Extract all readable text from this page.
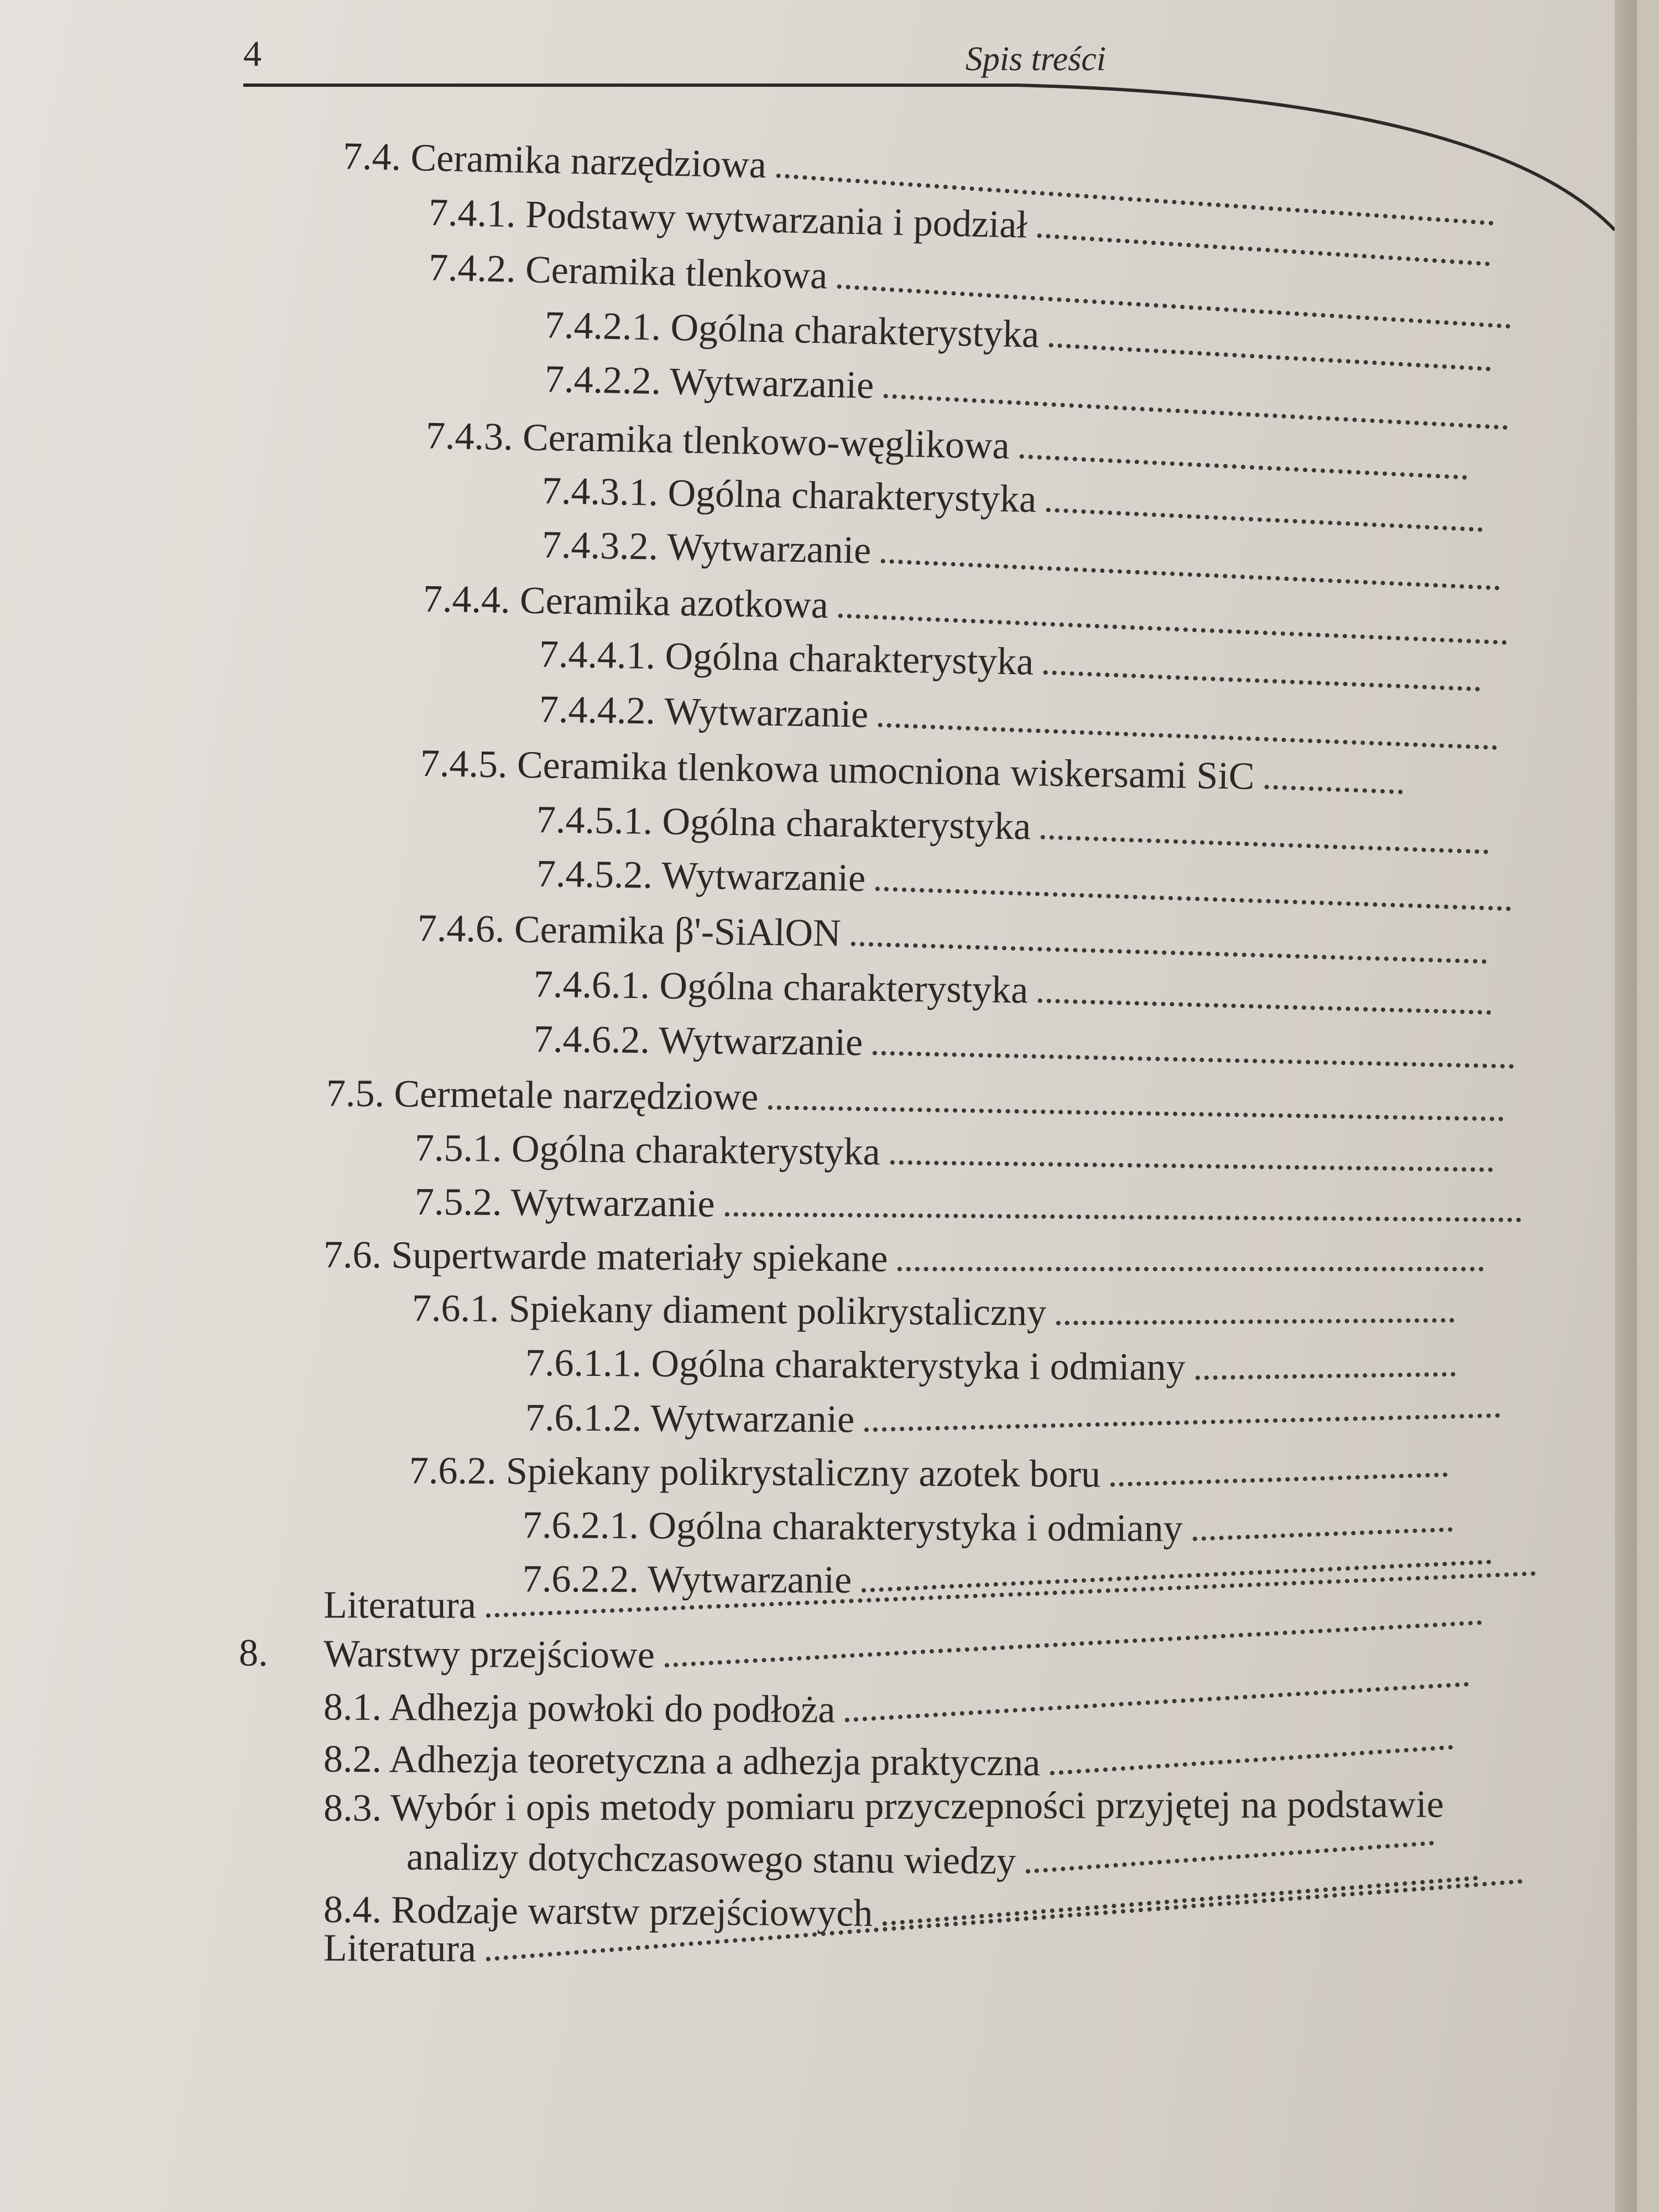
4	Spis treści
7.4. Ceramika narzędziowa
7.4.1. Podstawy wytwarzania i podział
7.4.2. Ceramika tlenkowa
7.4.2.1. Ogólna charakterystyka
7.4.2.2. Wytwarzanie
7.4.3. Ceramika tlenkowo-węglikowa
7.4.3.1. Ogólna charakterystyka
7.4.3.2. Wytwarzanie
7.4.4. Ceramika azotkowa
7.4.4.1. Ogólna charakterystyka
7.4.4.2. Wytwarzanie
7.4.5. Ceramika tlenkowa umocniona wiskersami SiC
7.4.5.1. Ogólna charakterystyka
7.4.5.2. Wytwarzanie
7.4.6. Ceramika β'-SiAlON
7.4.6.1. Ogólna charakterystyka
7.4.6.2. Wytwarzanie
7.5. Cermetale narzędziowe
7.5.1. Ogólna charakterystyka
7.5.2. Wytwarzanie
7.6. Supertwarde materiały spiekane
7.6.1. Spiekany diament polikrystaliczny
7.6.1.1. Ogólna charakterystyka i odmiany
7.6.1.2. Wytwarzanie
7.6.2. Spiekany polikrystaliczny azotek boru
7.6.2.1. Ogólna charakterystyka i odmiany
7.6.2.2. Wytwarzanie
Literatura
8. Warstwy przejściowe
8.1. Adhezja powłoki do podłoża
8.2. Adhezja teoretyczna a adhezja praktyczna
8.3. Wybór i opis metody pomiaru przyczepności przyjętej na podstawie
analizy dotychczasowego stanu wiedzy
8.4. Rodzaje warstw przejściowych
Literatura
